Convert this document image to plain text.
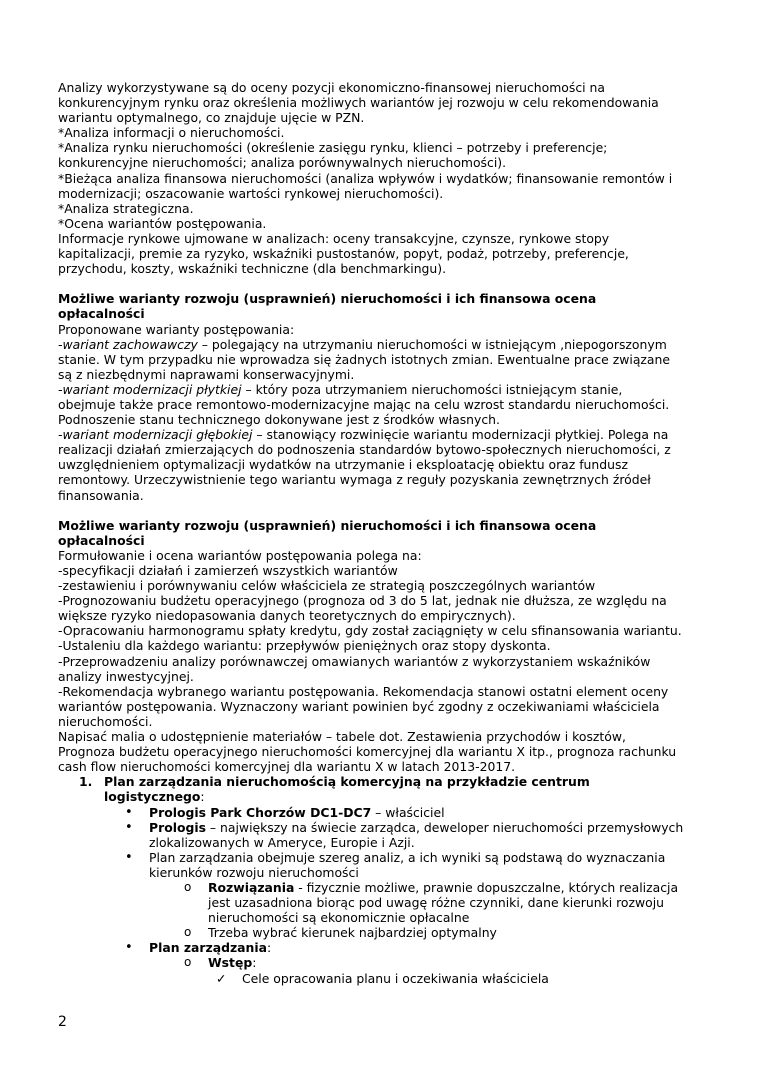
Analizy wykorzystywane są do oceny pozycji ekonomiczno-finansowej nieruchomości na
konkurencyjnym rynku oraz określenia możliwych wariantów jej rozwoju w celu rekomendowania
wariantu optymalnego, co znajduje ujęcie w PZN.
*Analiza informacji o nieruchomości.
*Analiza rynku nieruchomości (określenie zasięgu rynku, klienci – potrzeby i preferencje;
konkurencyjne nieruchomości; analiza porównywalnych nieruchomości).
*Bieżąca analiza finansowa nieruchomości (analiza wpływów i wydatków; finansowanie remontów i
modernizacji; oszacowanie wartości rynkowej nieruchomości).
*Analiza strategiczna.
*Ocena wariantów postępowania.
Informacje rynkowe ujmowane w analizach: oceny transakcyjne, czynsze, rynkowe stopy
kapitalizacji, premie za ryzyko, wskaźniki pustostanów, popyt, podaż, potrzeby, preferencje,
przychodu, koszty, wskaźniki techniczne (dla benchmarkingu).
Możliwe warianty rozwoju (usprawnień) nieruchomości i ich finansowa ocena
opłacalności
Proponowane warianty postępowania:
-wariant zachowawczy – polegający na utrzymaniu nieruchomości w istniejącym ,niepogorszonym
stanie. W tym przypadku nie wprowadza się żadnych istotnych zmian. Ewentualne prace związane
są z niezbędnymi naprawami konserwacyjnymi.
-wariant modernizacji płytkiej – który poza utrzymaniem nieruchomości istniejącym stanie,
obejmuje także prace remontowo-modernizacyjne mając na celu wzrost standardu nieruchomości.
Podnoszenie stanu technicznego dokonywane jest z środków własnych.
-wariant modernizacji głębokiej – stanowiący rozwinięcie wariantu modernizacji płytkiej. Polega na
realizacji działań zmierzających do podnoszenia standardów bytowo-społecznych nieruchomości, z
uwzględnieniem optymalizacji wydatków na utrzymanie i eksploatację obiektu oraz fundusz
remontowy. Urzeczywistnienie tego wariantu wymaga z reguły pozyskania zewnętrznych źródeł
finansowania.
Możliwe warianty rozwoju (usprawnień) nieruchomości i ich finansowa ocena
opłacalności
Formułowanie i ocena wariantów postępowania polega na:
-specyfikacji działań i zamierzeń wszystkich wariantów
-zestawieniu i porównywaniu celów właściciela ze strategią poszczególnych wariantów
-Prognozowaniu budżetu operacyjnego (prognoza od 3 do 5 lat, jednak nie dłuższa, ze względu na
większe ryzyko niedopasowania danych teoretycznych do empirycznych).
-Opracowaniu harmonogramu spłaty kredytu, gdy został zaciągnięty w celu sfinansowania wariantu.
-Ustaleniu dla każdego wariantu: przepływów pieniężnych oraz stopy dyskonta.
-Przeprowadzeniu analizy porównawczej omawianych wariantów z wykorzystaniem wskaźników
analizy inwestycyjnej.
-Rekomendacja wybranego wariantu postępowania. Rekomendacja stanowi ostatni element oceny
wariantów postępowania. Wyznaczony wariant powinien być zgodny z oczekiwaniami właściciela
nieruchomości.
Napisać malia o udostępnienie materiałów – tabele dot. Zestawienia przychodów i kosztów,
Prognoza budżetu operacyjnego nieruchomości komercyjnej dla wariantu X itp., prognoza rachunku
cash flow nieruchomości komercyjnej dla wariantu X w latach 2013-2017.
1. Plan zarządzania nieruchomością komercyjną na przykładzie centrum
logistycznego:
• Prologis Park Chorzów DC1-DC7 – właściciel
• Prologis – największy na świecie zarządca, deweloper nieruchomości przemysłowych
zlokalizowanych w Ameryce, Europie i Azji.
• Plan zarządzania obejmuje szereg analiz, a ich wyniki są podstawą do wyznaczania
kierunków rozwoju nieruchomości
o Rozwiązania - fizycznie możliwe, prawnie dopuszczalne, których realizacja
jest uzasadniona biorąc pod uwagę różne czynniki, dane kierunki rozwoju
nieruchomości są ekonomicznie opłacalne
o Trzeba wybrać kierunek najbardziej optymalny
• Plan zarządzania:
o Wstęp:
✓ Cele opracowania planu i oczekiwania właściciela
2
